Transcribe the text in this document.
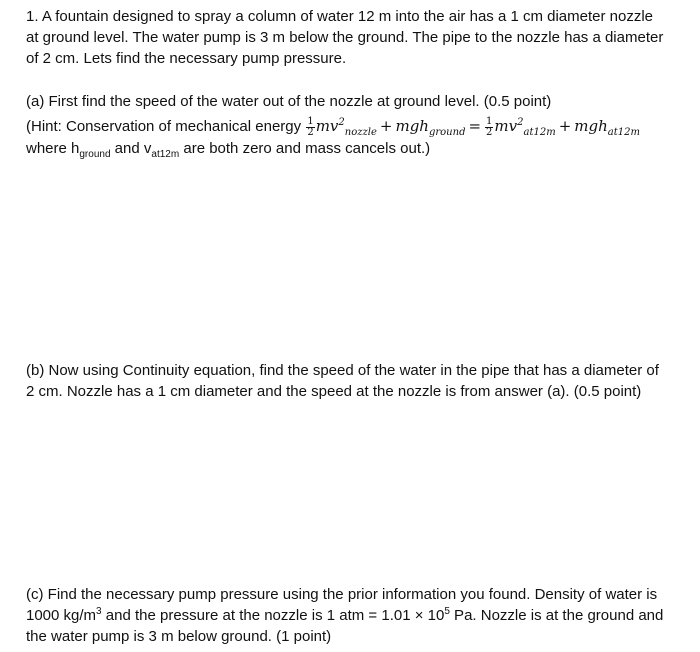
1. A fountain designed to spray a column of water 12 m into the air has a 1 cm diameter nozzle
at ground level. The water pump is 3 m below the ground. The pipe to the nozzle has a diameter
of 2 cm. Lets find the necessary pump pressure.
(a) First find the speed of the water out of the nozzle at ground level. (0.5 point)
(Hint: Conservation of mechanical energy $\frac{1}{2} mv^2_{nozzle} + mgh_{ground} = \frac{1}{2} mv^2_{at12m} + mgh_{at12m}$
where $h_{ground}$ and $v_{at12m}$ are both zero and mass cancels out.)
(b) Now using Continuity equation, find the speed of the water in the pipe that has a diameter of
2 cm. Nozzle has a 1 cm diameter and the speed at the nozzle is from answer (a). (0.5 point)
(c) Find the necessary pump pressure using the prior information you found. Density of water is
1000 $kg/m^3$ and the pressure at the nozzle is 1 atm = $1.01 \times 10^5$ Pa. Nozzle is at the ground and
the water pump is 3 m below ground. (1 point)
